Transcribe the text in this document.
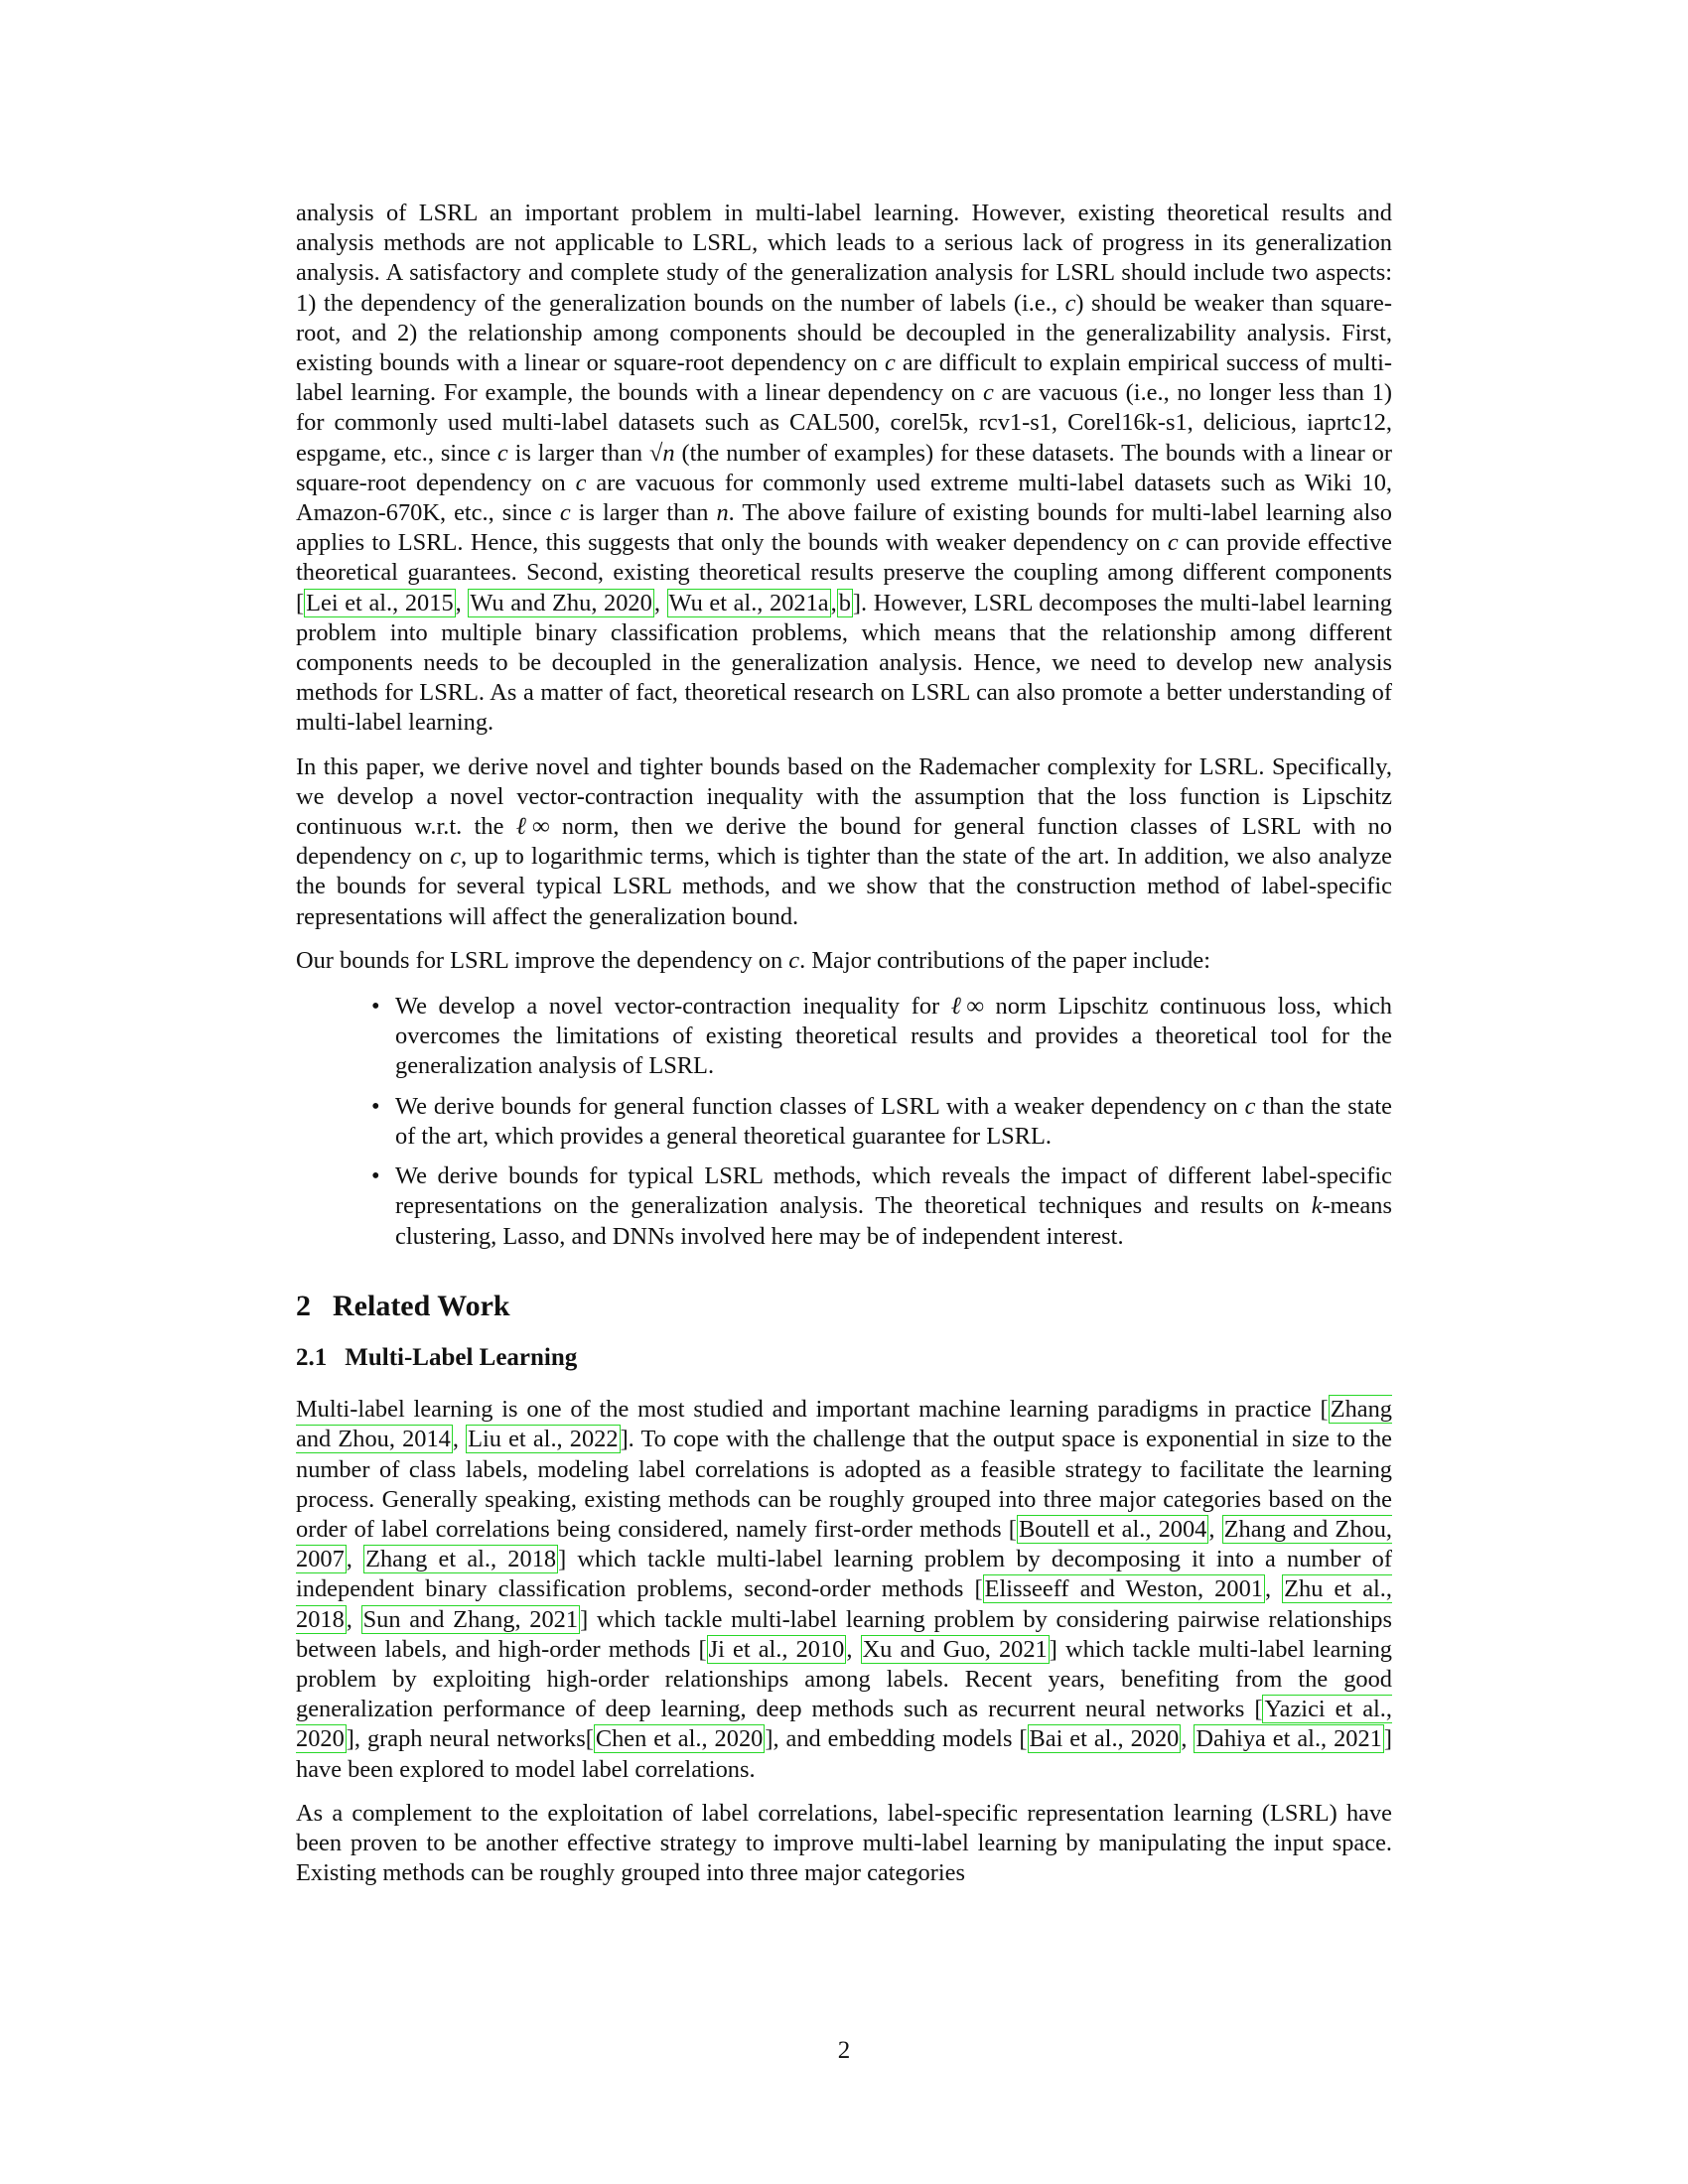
analysis of LSRL an important problem in multi-label learning. However, existing theoretical results and analysis methods are not applicable to LSRL, which leads to a serious lack of progress in its generalization analysis. A satisfactory and complete study of the generalization analysis for LSRL should include two aspects: 1) the dependency of the generalization bounds on the number of labels (i.e., c) should be weaker than square-root, and 2) the relationship among components should be decoupled in the generalizability analysis. First, existing bounds with a linear or square-root dependency on c are difficult to explain empirical success of multi-label learning. For example, the bounds with a linear dependency on c are vacuous (i.e., no longer less than 1) for commonly used multi-label datasets such as CAL500, corel5k, rcv1-s1, Corel16k-s1, delicious, iaprtc12, espgame, etc., since c is larger than √n (the number of examples) for these datasets. The bounds with a linear or square-root dependency on c are vacuous for commonly used extreme multi-label datasets such as Wiki 10, Amazon-670K, etc., since c is larger than n. The above failure of existing bounds for multi-label learning also applies to LSRL. Hence, this suggests that only the bounds with weaker dependency on c can provide effective theoretical guarantees. Second, existing theoretical results preserve the coupling among different components [Lei et al., 2015, Wu and Zhu, 2020, Wu et al., 2021a,b]. However, LSRL decomposes the multi-label learning problem into multiple binary classification problems, which means that the relationship among different components needs to be decoupled in the generalization analysis. Hence, we need to develop new analysis methods for LSRL. As a matter of fact, theoretical research on LSRL can also promote a better understanding of multi-label learning.

In this paper, we derive novel and tighter bounds based on the Rademacher complexity for LSRL. Specifically, we develop a novel vector-contraction inequality with the assumption that the loss function is Lipschitz continuous w.r.t. the ℓ∞ norm, then we derive the bound for general function classes of LSRL with no dependency on c, up to logarithmic terms, which is tighter than the state of the art. In addition, we also analyze the bounds for several typical LSRL methods, and we show that the construction method of label-specific representations will affect the generalization bound.

Our bounds for LSRL improve the dependency on c. Major contributions of the paper include:

• We develop a novel vector-contraction inequality for ℓ∞ norm Lipschitz continuous loss, which overcomes the limitations of existing theoretical results and provides a theoretical tool for the generalization analysis of LSRL.
• We derive bounds for general function classes of LSRL with a weaker dependency on c than the state of the art, which provides a general theoretical guarantee for LSRL.
• We derive bounds for typical LSRL methods, which reveals the impact of different label-specific representations on the generalization analysis. The theoretical techniques and results on k-means clustering, Lasso, and DNNs involved here may be of independent interest.
2 Related Work
2.1 Multi-Label Learning

Multi-label learning is one of the most studied and important machine learning paradigms in practice [Zhang and Zhou, 2014, Liu et al., 2022]. To cope with the challenge that the output space is exponential in size to the number of class labels, modeling label correlations is adopted as a feasible strategy to facilitate the learning process. Generally speaking, existing methods can be roughly grouped into three major categories based on the order of label correlations being considered, namely first-order methods [Boutell et al., 2004, Zhang and Zhou, 2007, Zhang et al., 2018] which tackle multi-label learning problem by decomposing it into a number of independent binary classification problems, second-order methods [Elisseeff and Weston, 2001, Zhu et al., 2018, Sun and Zhang, 2021] which tackle multi-label learning problem by considering pairwise relationships between labels, and high-order methods [Ji et al., 2010, Xu and Guo, 2021] which tackle multi-label learning problem by exploiting high-order relationships among labels. Recent years, benefiting from the good generalization performance of deep learning, deep methods such as recurrent neural networks [Yazici et al., 2020], graph neural networks[Chen et al., 2020], and embedding models [Bai et al., 2020, Dahiya et al., 2021] have been explored to model label correlations.

As a complement to the exploitation of label correlations, label-specific representation learning (LSRL) have been proven to be another effective strategy to improve multi-label learning by manipulating the input space. Existing methods can be roughly grouped into three major categories

2
